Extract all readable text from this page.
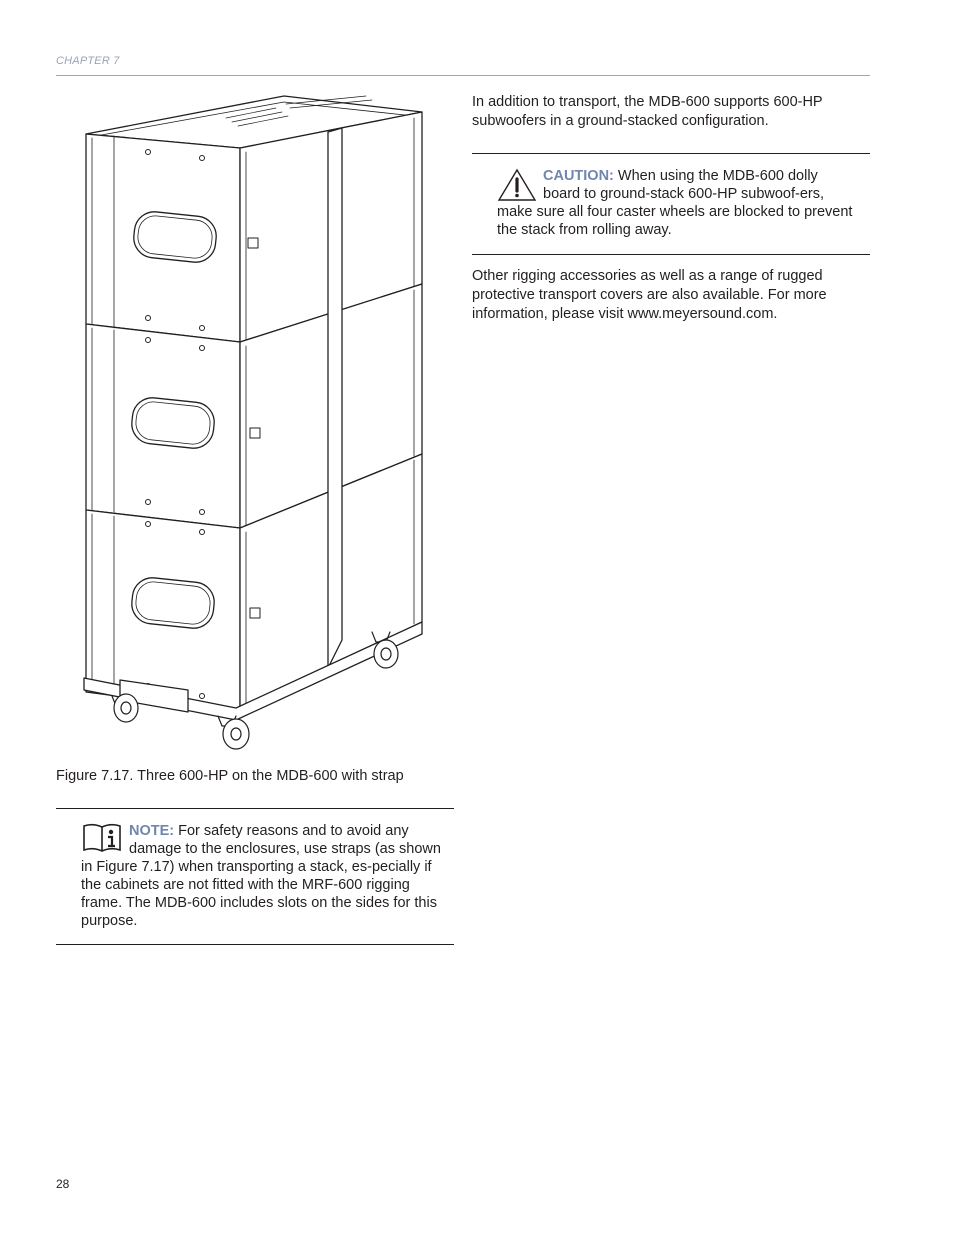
CHAPTER 7
Figure 7.17. Three 600-HP on the MDB-600 with strap
NOTE: For safety reasons and to avoid any damage to the enclosures, use straps (as shown in Figure 7.17) when transporting a stack, es-pecially if the cabinets are not fitted with the MRF-600 rigging frame. The MDB-600 includes slots on the sides for this purpose.
In addition to transport, the MDB-600 supports 600-HP subwoofers in a ground-stacked configuration.
CAUTION: When using the MDB-600 dolly board to ground-stack 600-HP subwoof-ers, make sure all four caster wheels are blocked to prevent the stack from rolling away.
Other rigging accessories as well as a range of rugged protective transport covers are also available. For more information, please visit www.meyersound.com.
28
